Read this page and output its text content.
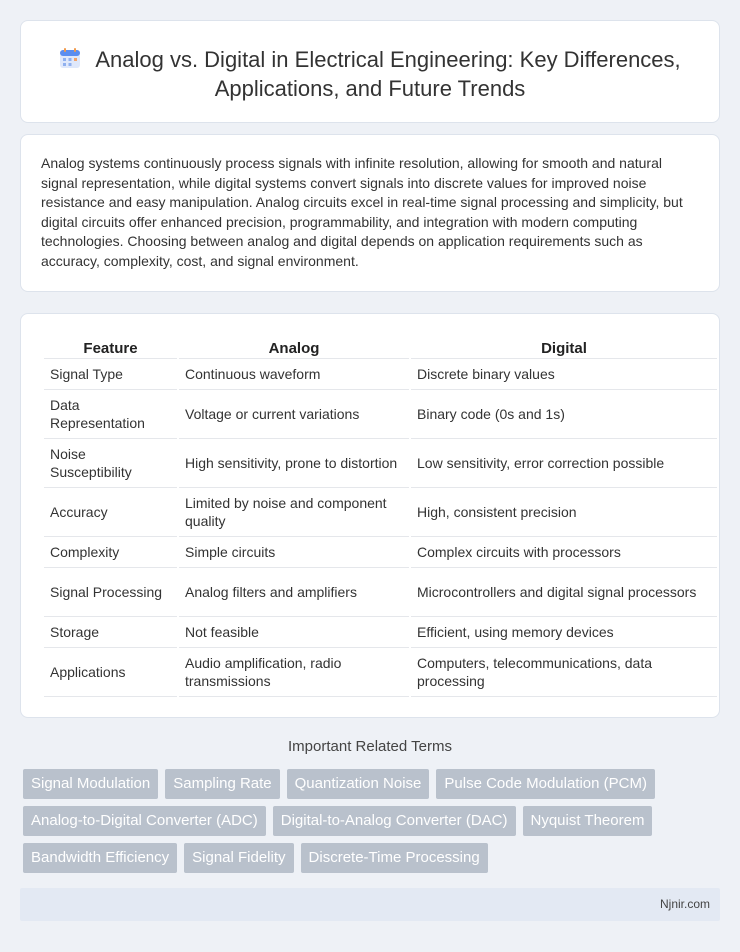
Analog vs. Digital in Electrical Engineering: Key Differences, Applications, and Future Trends

Analog systems continuously process signals with infinite resolution, allowing for smooth and natural signal representation, while digital systems convert signals into discrete values for improved noise resistance and easy manipulation. Analog circuits excel in real-time signal processing and simplicity, but digital circuits offer enhanced precision, programmability, and integration with modern computing technologies. Choosing between analog and digital depends on application requirements such as accuracy, complexity, cost, and signal environment.

Feature	Analog	Digital
Signal Type	Continuous waveform	Discrete binary values
Data Representation	Voltage or current variations	Binary code (0s and 1s)
Noise Susceptibility	High sensitivity, prone to distortion	Low sensitivity, error correction possible
Accuracy	Limited by noise and component quality	High, consistent precision
Complexity	Simple circuits	Complex circuits with processors
Signal Processing	Analog filters and amplifiers	Microcontrollers and digital signal processors
Storage	Not feasible	Efficient, using memory devices
Applications	Audio amplification, radio transmissions	Computers, telecommunications, data processing
Important Related Terms
Signal Modulation	Sampling Rate	Quantization Noise	Pulse Code Modulation (PCM)
Analog-to-Digital Converter (ADC)	Digital-to-Analog Converter (DAC)	Nyquist Theorem
Bandwidth Efficiency	Signal Fidelity	Discrete-Time Processing
Njnir.com
